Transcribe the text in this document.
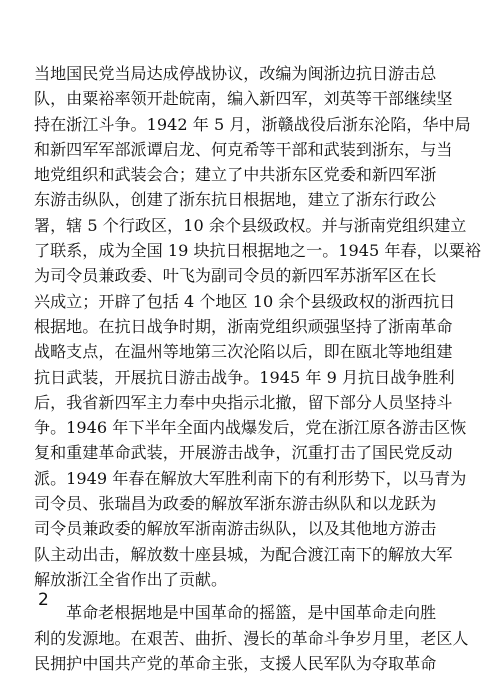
当地国民党当局达成停战协议，改编为闽浙边抗日游击总
队，由粟裕率领开赴皖南，编入新四军，刘英等干部继续坚
持在浙江斗争。1942 年 5 月，浙赣战役后浙东沦陷，华中局
和新四军军部派谭启龙、何克希等干部和武装到浙东，与当
地党组织和武装会合；建立了中共浙东区党委和新四军浙
东游击纵队，创建了浙东抗日根据地，建立了浙东行政公
署，辖 5 个行政区，10 余个县级政权。并与浙南党组织建立
了联系，成为全国 19 块抗日根据地之一。1945 年春，以粟裕
为司令员兼政委、叶飞为副司令员的新四军苏浙军区在长
兴成立；开辟了包括 4 个地区 10 余个县级政权的浙西抗日
根据地。在抗日战争时期，浙南党组织顽强坚持了浙南革命
战略支点，在温州等地第三次沦陷以后，即在瓯北等地组建
抗日武装，开展抗日游击战争。1945 年 9 月抗日战争胜利
后，我省新四军主力奉中央指示北撤，留下部分人员坚持斗
争。1946 年下半年全面内战爆发后，党在浙江原各游击区恢
复和重建革命武装，开展游击战争，沉重打击了国民党反动
派。1949 年春在解放大军胜利南下的有利形势下，以马青为
司令员、张瑞昌为政委的解放军浙东游击纵队和以龙跃为
司令员兼政委的解放军浙南游击纵队，以及其他地方游击
队主动出击，解放数十座县城，为配合渡江南下的解放大军
解放浙江全省作出了贡献。
革命老根据地是中国革命的摇篮，是中国革命走向胜
利的发源地。在艰苦、曲折、漫长的革命斗争岁月里，老区人
民拥护中国共产党的革命主张，支援人民军队为夺取革命
2
